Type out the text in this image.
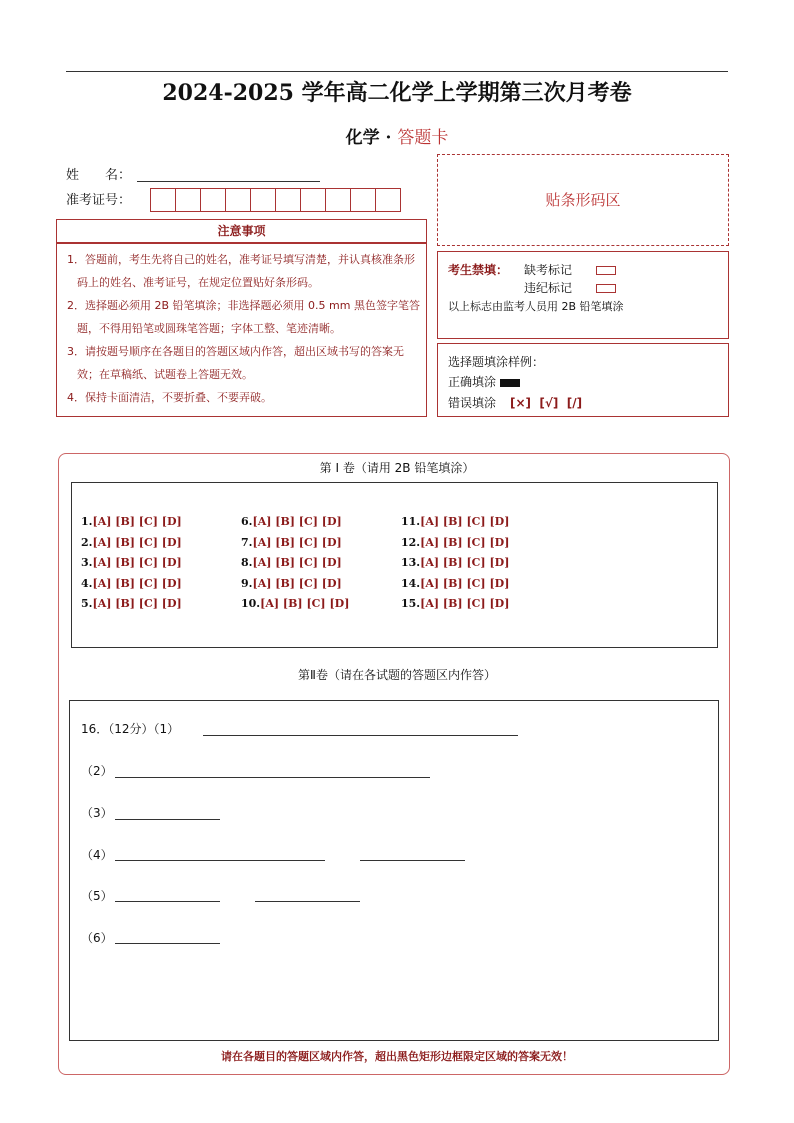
2024-2025 学年高二化学上学期第三次月考卷
化学 · 答题卡
姓　　名：
准考证号：
注意事项

1．答题前，考生先将自己的姓名，准考证号填写清楚，并认真核准条形码上的姓名、准考证号，在规定位置贴好条形码。

2．选择题必须用 2B 铅笔填涂；非选择题必须用 0.5 mm 黑色签字笔答题，不得用铅笔或圆珠笔答题；字体工整、笔迹清晰。

3．请按题号顺序在各题目的答题区域内作答，超出区域书写的答案无效；在草稿纸、试题卷上答题无效。

4．保持卡面清洁，不要折叠、不要弄破。

贴条形码区
考生禁填： 缺考标记
违纪标记
以上标志由监考人员用 2B 铅笔填涂
选择题填涂样例：
正确填涂
错误填涂 [×]  [√]  [/]
第 I 卷（请用 2B 铅笔填涂）
1.[A] [B] [C] [D]
2.[A] [B] [C] [D]
3.[A] [B] [C] [D]
4.[A] [B] [C] [D]
5.[A] [B] [C] [D]
6.[A] [B] [C] [D]
7.[A] [B] [C] [D]
8.[A] [B] [C] [D]
9.[A] [B] [C] [D]
10.[A] [B] [C] [D]
11.[A] [B] [C] [D]
12.[A] [B] [C] [D]
13.[A] [B] [C] [D]
14.[A] [B] [C] [D]
15.[A] [B] [C] [D]
第Ⅱ卷（请在各试题的答题区内作答）
16．（12分）（1）
（2）
（3）
（4）
（5）
（6）
请在各题目的答题区域内作答，超出黑色矩形边框限定区域的答案无效！
